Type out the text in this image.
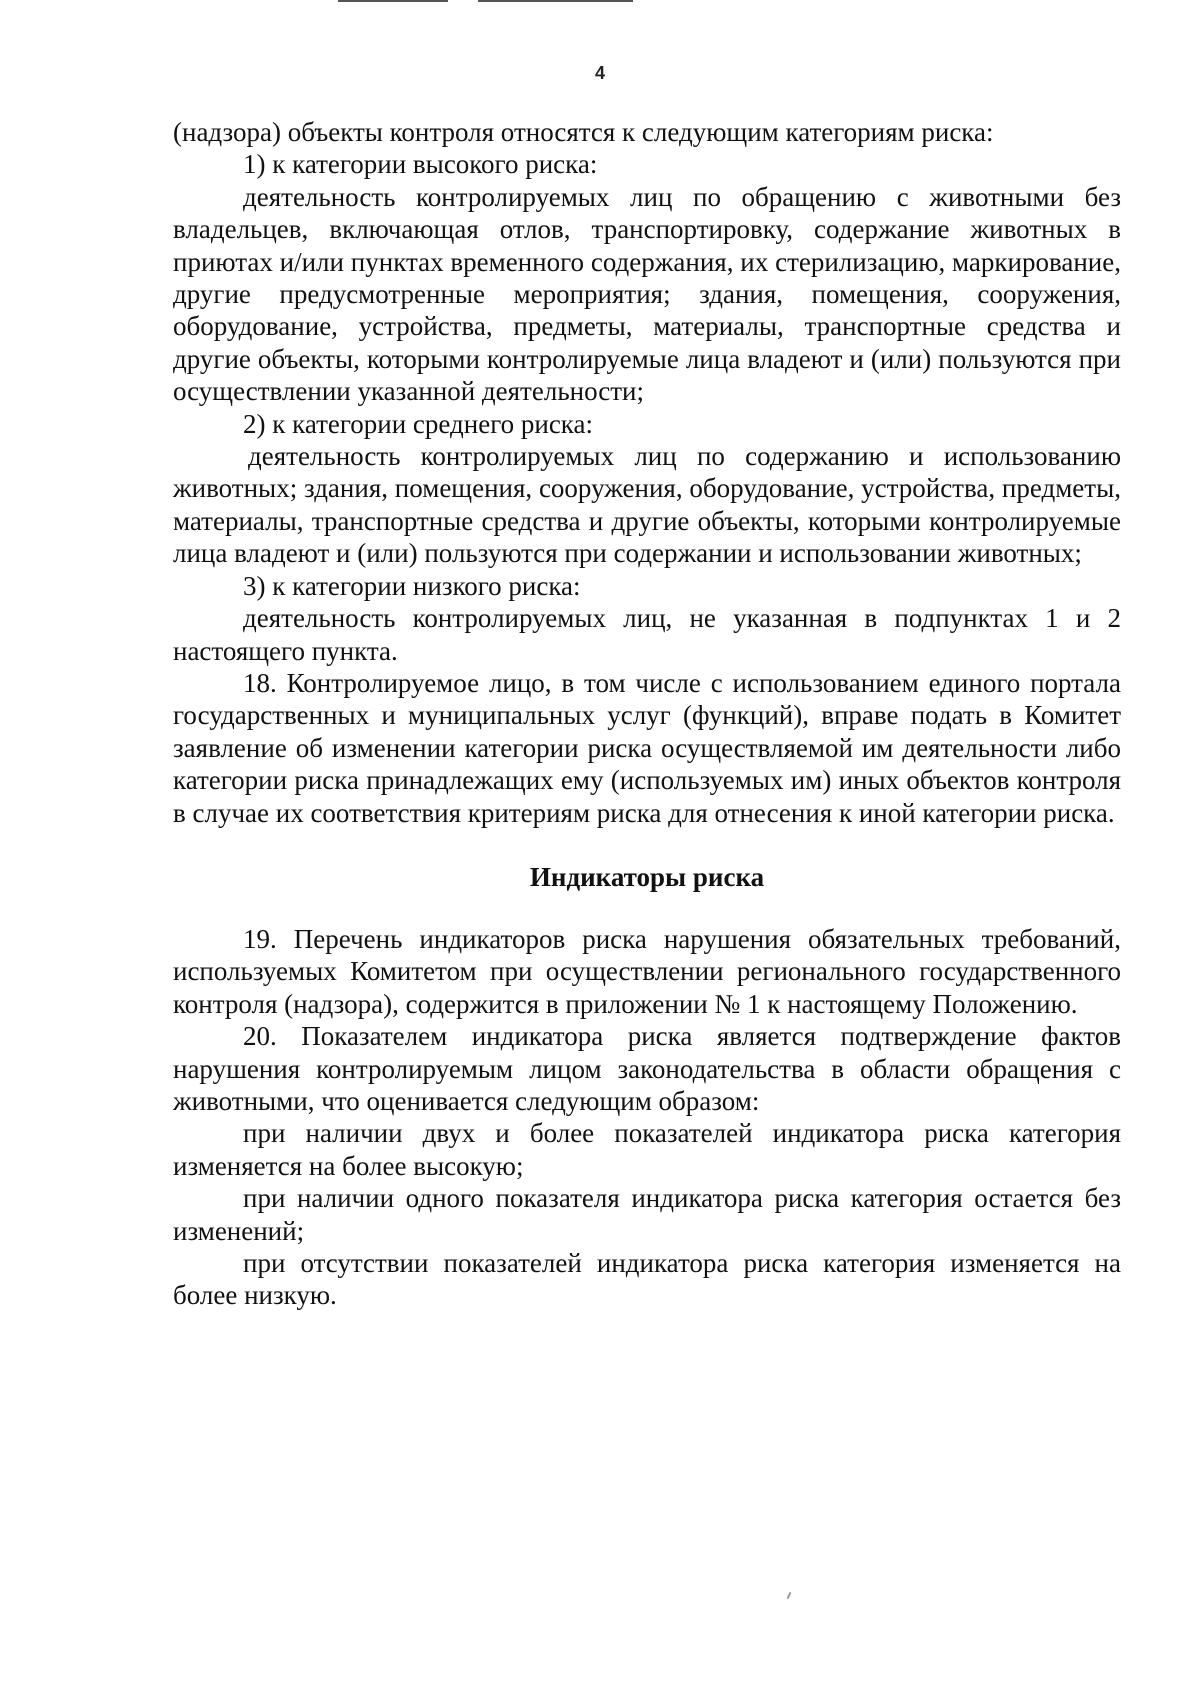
4

(надзора) объекты контроля относятся к следующим категориям риска:

1) к категории высокого риска:

деятельность контролируемых лиц по обращению с животными без владельцев, включающая отлов, транспортировку, содержание животных в приютах и/или пунктах временного содержания, их стерилизацию, маркирование, другие предусмотренные мероприятия; здания, помещения, сооружения, оборудование, устройства, предметы, материалы, транспортные средства и другие объекты, которыми контролируемые лица владеют и (или) пользуются при осуществлении указанной деятельности;

2) к категории среднего риска:

деятельность контролируемых лиц по содержанию и использованию животных; здания, помещения, сооружения, оборудование, устройства, предметы, материалы, транспортные средства и другие объекты, которыми контролируемые лица владеют и (или) пользуются при содержании и использовании животных;

3) к категории низкого риска:

деятельность контролируемых лиц, не указанная в подпунктах 1 и 2 настоящего пункта.

18. Контролируемое лицо, в том числе с использованием единого портала государственных и муниципальных услуг (функций), вправе подать в Комитет заявление об изменении категории риска осуществляемой им деятельности либо категории риска принадлежащих ему (используемых им) иных объектов контроля в случае их соответствия критериям риска для отнесения к иной категории риска.

Индикаторы риска

19. Перечень индикаторов риска нарушения обязательных требований, используемых Комитетом при осуществлении регионального государственного контроля (надзора), содержится в приложении № 1 к настоящему Положению.

20. Показателем индикатора риска является подтверждение фактов нарушения контролируемым лицом законодательства в области обращения с животными, что оценивается следующим образом:

при наличии двух и более показателей индикатора риска категория изменяется на более высокую;

при наличии одного показателя индикатора риска категория остается без изменений;

при отсутствии показателей индикатора риска категория изменяется на более низкую.
